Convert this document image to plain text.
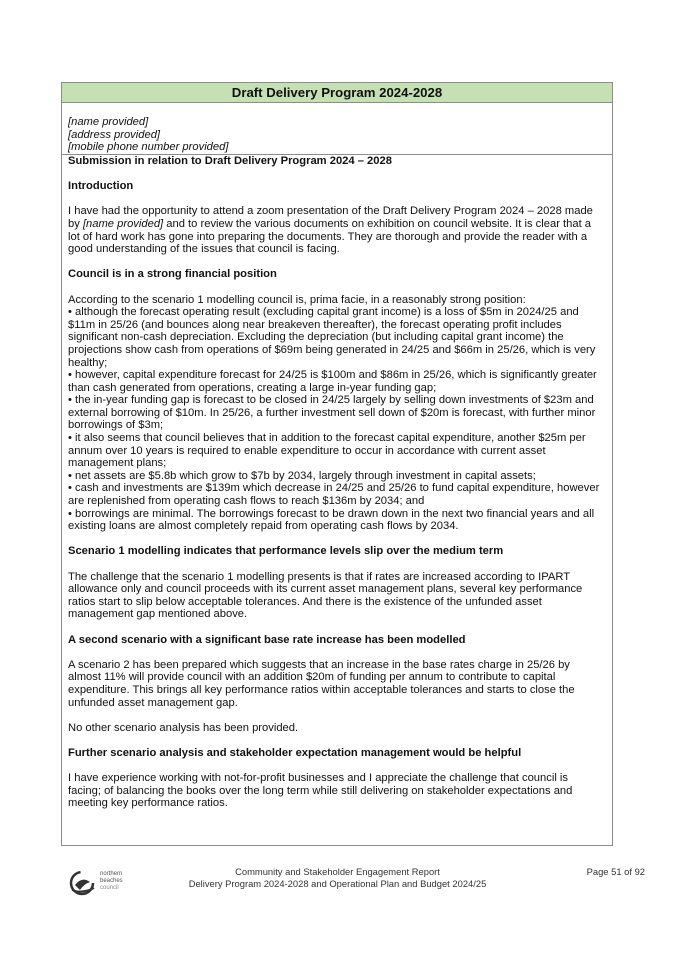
Draft Delivery Program 2024-2028
[name provided]
[address provided]
[mobile phone number provided]

Submission in relation to Draft Delivery Program 2024 – 2028

Introduction

I have had the opportunity to attend a zoom presentation of the Draft Delivery Program 2024 – 2028 made

by [name provided] and to review the various documents on exhibition on council website. It is clear that a

lot of hard work has gone into preparing the documents. They are thorough and provide the reader with a

good understanding of the issues that council is facing.

Council is in a strong financial position

According to the scenario 1 modelling council is, prima facie, in a reasonably strong position:

• although the forecast operating result (excluding capital grant income) is a loss of $5m in 2024/25 and

$11m in 25/26 (and bounces along near breakeven thereafter), the forecast operating profit includes

significant non-cash depreciation. Excluding the depreciation (but including capital grant income) the

projections show cash from operations of $69m being generated in 24/25 and $66m in 25/26, which is very

healthy;

• however, capital expenditure forecast for 24/25 is $100m and $86m in 25/26, which is significantly greater

than cash generated from operations, creating a large in-year funding gap;

• the in-year funding gap is forecast to be closed in 24/25 largely by selling down investments of $23m and

external borrowing of $10m. In 25/26, a further investment sell down of $20m is forecast, with further minor

borrowings of $3m;

• it also seems that council believes that in addition to the forecast capital expenditure, another $25m per

annum over 10 years is required to enable expenditure to occur in accordance with current asset

management plans;

• net assets are $5.8b which grow to $7b by 2034, largely through investment in capital assets;

• cash and investments are $139m which decrease in 24/25 and 25/26 to fund capital expenditure, however

are replenished from operating cash flows to reach $136m by 2034; and

• borrowings are minimal. The borrowings forecast to be drawn down in the next two financial years and all

existing loans are almost completely repaid from operating cash flows by 2034.

Scenario 1 modelling indicates that performance levels slip over the medium term

The challenge that the scenario 1 modelling presents is that if rates are increased according to IPART

allowance only and council proceeds with its current asset management plans, several key performance

ratios start to slip below acceptable tolerances. And there is the existence of the unfunded asset

management gap mentioned above.

A second scenario with a significant base rate increase has been modelled

A scenario 2 has been prepared which suggests that an increase in the base rates charge in 25/26 by

almost 11% will provide council with an addition $20m of funding per annum to contribute to capital

expenditure. This brings all key performance ratios within acceptable tolerances and starts to close the

unfunded asset management gap.

No other scenario analysis has been provided.

Further scenario analysis and stakeholder expectation management would be helpful

I have experience working with not-for-profit businesses and I appreciate the challenge that council is

facing; of balancing the books over the long term while still delivering on stakeholder expectations and

meeting key performance ratios.

northern
beaches
council
Community and Stakeholder Engagement Report
Delivery Program 2024-2028 and Operational Plan and Budget 2024/25
Page 51 of 92
